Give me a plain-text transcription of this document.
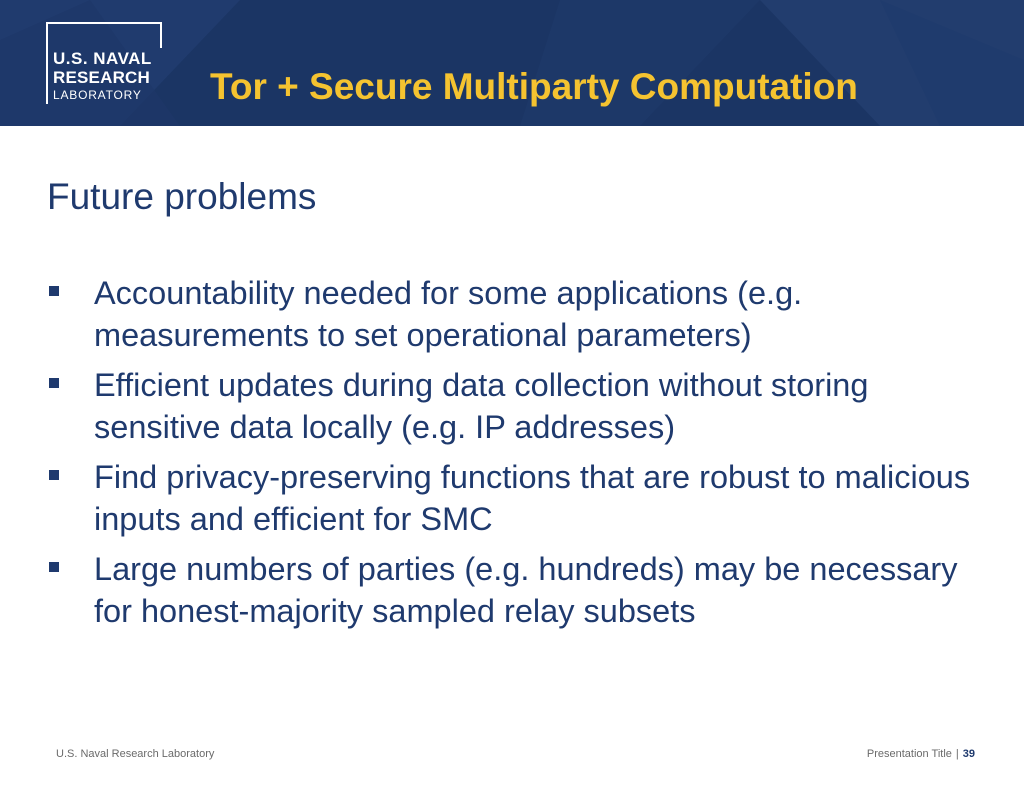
U.S. NAVAL
RESEARCH
LABORATORY Tor + Secure Multiparty Computation
Future problems
Accountability needed for some applications (e.g. measurements to set operational parameters)
Efficient updates during data collection without storing sensitive data locally (e.g. IP addresses)
Find privacy-preserving functions that are robust to malicious inputs and efficient for SMC
Large numbers of parties (e.g. hundreds) may be necessary for honest-majority sampled relay subsets
U.S. Naval Research Laboratory	Presentation Title | 39
